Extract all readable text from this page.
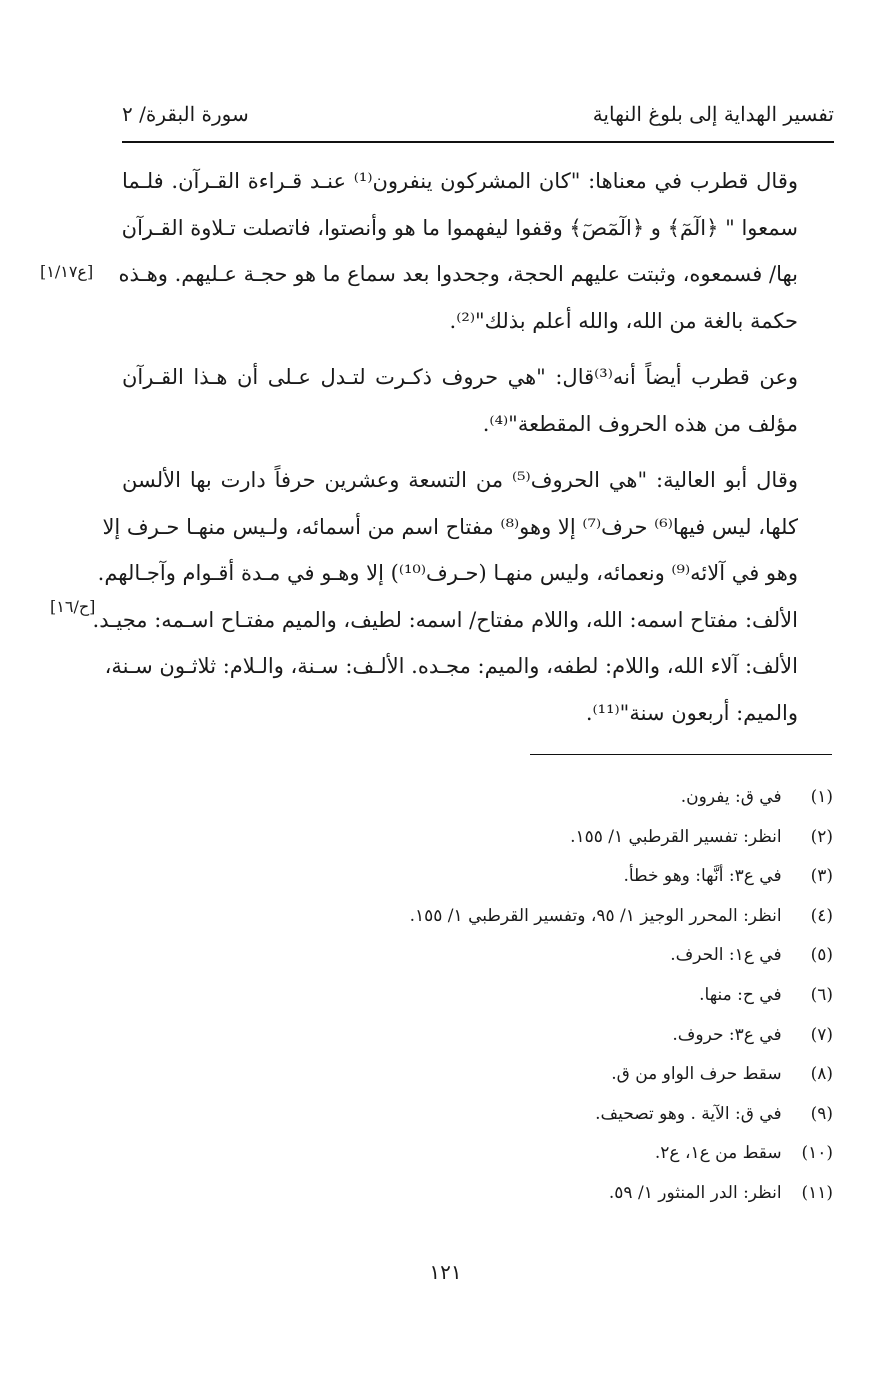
تفسير الهداية إلى بلوغ النهاية
سورة البقرة/ ٢

وقال قطرب في معناها: "كان المشركون ينفرون⁽¹⁾ عنـد قـراءة القـرآن. فلـما
سمعوا " ﴿الٓمٓ﴾ و ﴿الٓمٓصٓ﴾ وقفوا ليفهموا ما هو وأنصتوا، فاتصلت تـلاوة القـرآن
بها/ فسمعوه، وثبتت عليهم الحجة، وجحدوا بعد سماع ما هو حجـة عـليهم. وهـذه
حكمة بالغة من الله، والله أعلم بذلك"⁽²⁾.

وعن قطرب أيضاً أنه⁽³⁾قال: "هي حروف ذكـرت لتـدل عـلى أن هـذا القـرآن
مؤلف من هذه الحروف المقطعة"⁽⁴⁾.

وقال أبو العالية: "هي الحروف⁽⁵⁾ من التسعة وعشرين حرفاً دارت بها الألسن
كلها، ليس فيها⁽⁶⁾ حرف⁽⁷⁾ إلا وهو⁽⁸⁾ مفتاح اسم من أسمائه، ولـيس منهـا حـرف إلا
وهو في آلائه⁽⁹⁾ ونعمائه، وليس منهـا (حـرف⁽¹⁰⁾) إلا وهـو في مـدة أقـوام وآجـالهم.
الألف: مفتاح اسمه: الله، واللام مفتاح/ اسمه: لطيف، والميم مفتـاح اسـمه: مجيـد.
الألف: آلاء الله، واللام: لطفه، والميم: مجـده. الألـف: سـنة، والـلام: ثلاثـون سـنة،
والميم: أربعون سنة"⁽¹¹⁾.

[ع١/١٧]
[ح/١٦]
(١) في ق: يفرون.
(٢) انظر: تفسير القرطبي ١/ ١٥٥.
(٣) في ع٣: أنَّها: وهو خطأ.
(٤) انظر: المحرر الوجيز ١/ ٩٥، وتفسير القرطبي ١/ ١٥٥.
(٥) في ع١: الحرف.
(٦) في ح: منها.
(٧) في ع٣: حروف.
(٨) سقط حرف الواو من ق.
(٩) في ق: الآية . وهو تصحيف.
(١٠) سقط من ع١، ع٢.
(١١) انظر: الدر المنثور ١/ ٥٩.
١٢١
